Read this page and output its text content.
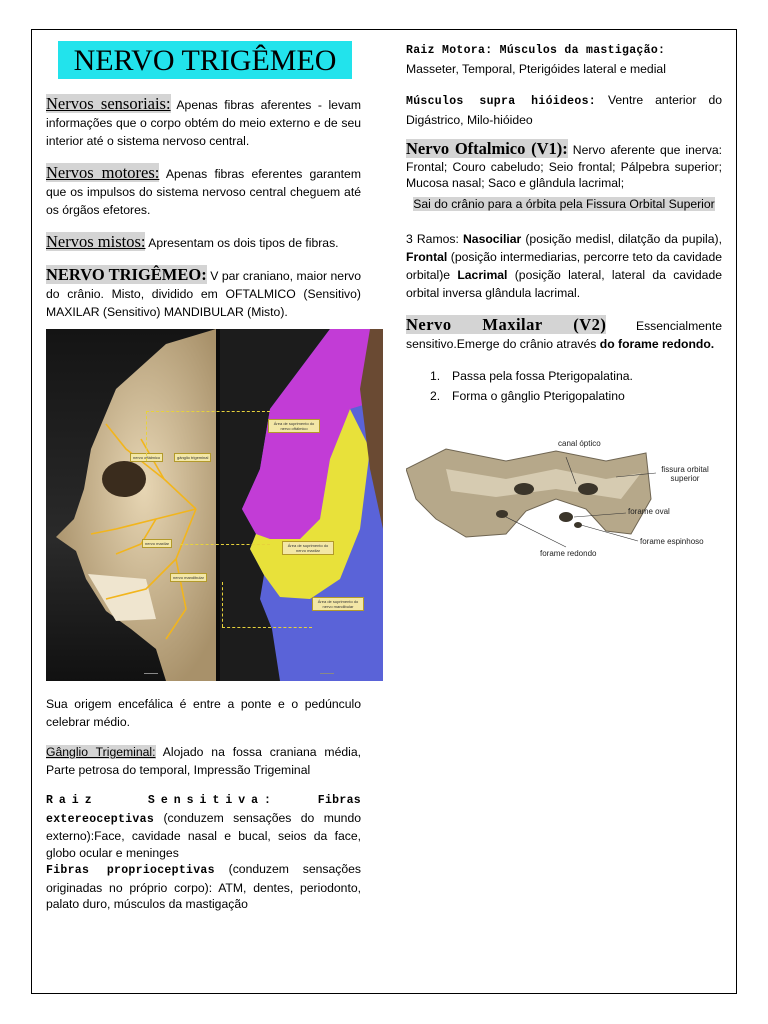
NERVO TRIGÊMEO

Nervos sensoriais: Apenas fibras aferentes - levam informações que o corpo obtém do meio externo e de seu interior até o sistema nervoso central.

Nervos motores: Apenas fibras eferentes garantem que os impulsos do sistema nervoso central cheguem até os órgãos efetores.

Nervos mistos: Apresentam os dois tipos de fibras.

NERVO TRIGÊMEO: V par craniano, maior nervo do crânio. Misto, dividido em OFTALMICO (Sensitivo) MAXILAR (Sensitivo) MANDIBULAR (Misto).

nervo oftálmico	gânglio trigeminal
nervo maxilar
nervo mandibular
Área de suprimento do nervo oftálmico
Área de suprimento do nervo maxilar
Área de suprimento do nervo mandibular

Sua origem encefálica é entre a ponte e o pedúnculo celebrar médio.

Gânglio Trigeminal: Alojado na fossa craniana média, Parte petrosa do temporal, Impressão Trigeminal

Raiz Sensitiva:	Fibras extereoceptivas (conduzem sensações do mundo externo):Face, cavidade nasal e bucal, seios da face, globo ocular e meninges
Fibras proprioceptivas (conduzem sensações originadas no próprio corpo): ATM, dentes, periodonto, palato duro, músculos da mastigação

Raiz Motora: Músculos da mastigação:
Masseter, Temporal, Pterigóides lateral e medial

Músculos supra hióideos: Ventre anterior do Digástrico, Milo-hióideo

Nervo Oftalmico (V1): Nervo aferente que inerva: Frontal; Couro cabeludo; Seio frontal; Pálpebra superior; Mucosa nasal; Saco e glândula lacrimal;

Sai do crânio para a órbita pela Fissura Orbital Superior

3 Ramos: Nasociliar (posição medisl, dilatção da pupila), Frontal (posição intermediarias, percorre teto da cavidade orbital)e Lacrimal (posição lateral, lateral da cavidade orbital inversa glândula lacrimal.

Nervo Maxilar (V2) Essencialmente sensitivo.Emerge do crânio através do forame redondo.

1. Passa pela fossa Pterigopalatina.
2. Forma o gânglio Pterigopalatino
canal óptico
fissura orbital superior
forame oval
forame espinhoso
forame redondo
